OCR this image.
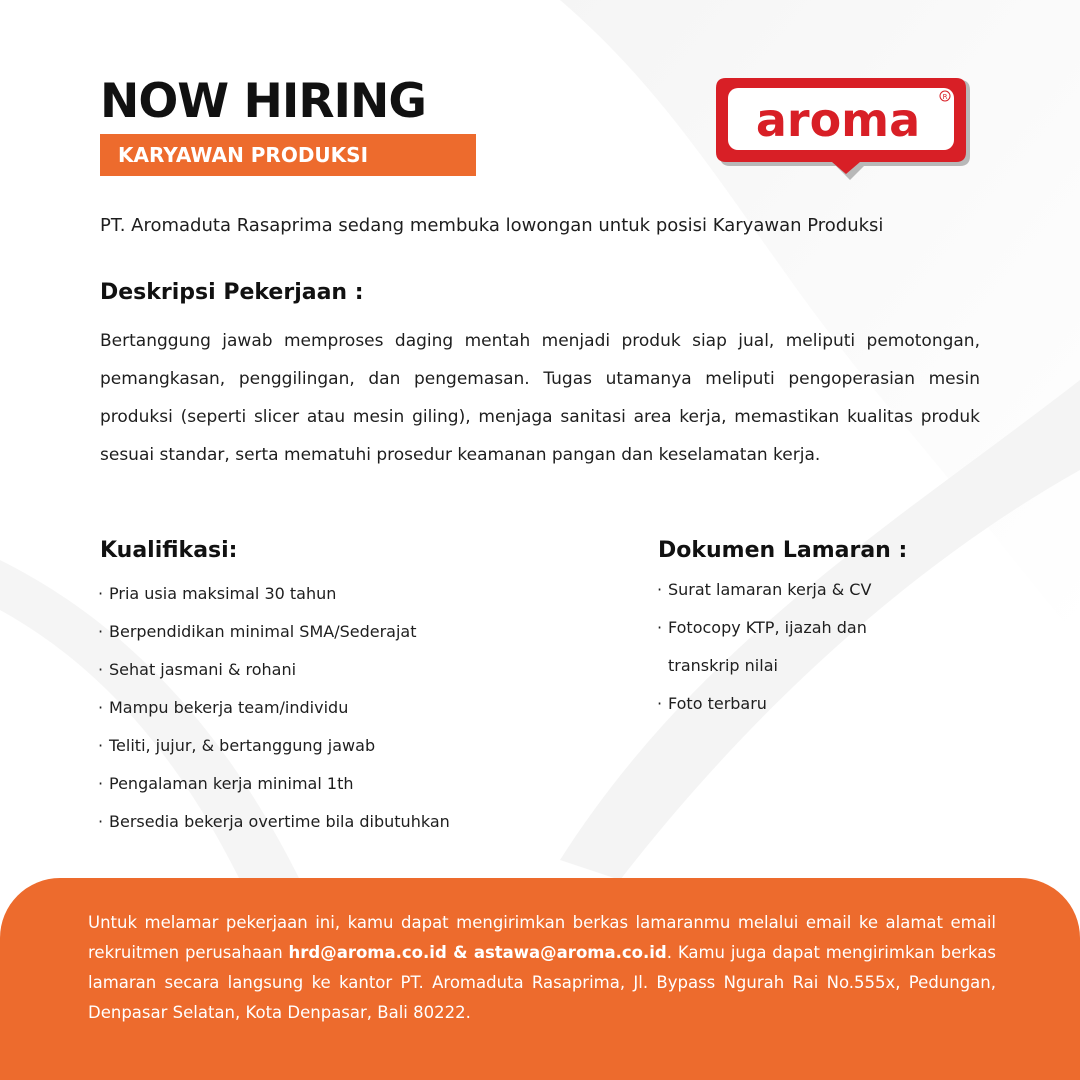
NOW HIRING
KARYAWAN PRODUKSI
aroma	R
PT. Aromaduta Rasaprima sedang membuka lowongan untuk posisi Karyawan Produksi
Deskripsi Pekerjaan :
Bertanggung jawab memproses daging mentah menjadi produk siap jual, meliputi pemotongan, pemangkasan, penggilingan, dan pengemasan. Tugas utamanya meliputi pengoperasian mesin produksi (seperti slicer atau mesin giling), menjaga sanitasi area kerja, memastikan kualitas produk sesuai standar, serta mematuhi prosedur keamanan pangan dan keselamatan kerja.
Kualifikasi:
· Pria usia maksimal 30 tahun
· Berpendidikan minimal SMA/Sederajat
· Sehat jasmani & rohani
· Mampu bekerja team/individu
· Teliti, jujur, & bertanggung jawab
· Pengalaman kerja minimal 1th
· Bersedia bekerja overtime bila dibutuhkan
Dokumen Lamaran :
· Surat lamaran kerja & CV
· Fotocopy KTP, ijazah dan
transkrip nilai
· Foto terbaru

Untuk melamar pekerjaan ini, kamu dapat mengirimkan berkas lamaranmu melalui email ke alamat email rekruitmen perusahaan hrd@aroma.co.id & astawa@aroma.co.id. Kamu juga dapat mengirimkan berkas lamaran secara langsung ke kantor PT. Aromaduta Rasaprima, Jl. Bypass Ngurah Rai No.555x, Pedungan, Denpasar Selatan, Kota Denpasar, Bali 80222.
